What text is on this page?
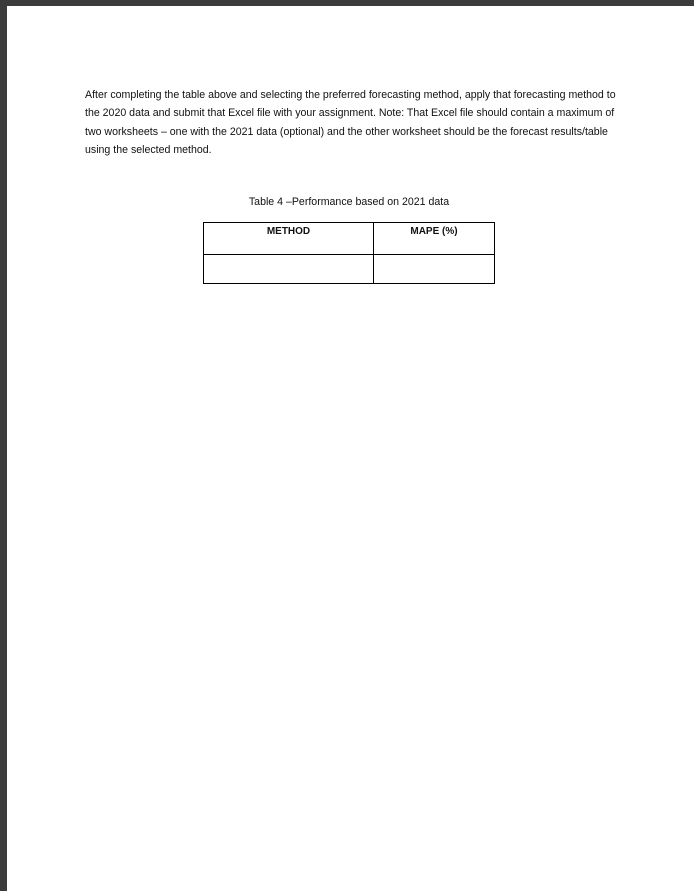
After completing the table above and selecting the preferred forecasting method, apply that forecasting method to the 2020 data and submit that Excel file with your assignment. Note: That Excel file should contain a maximum of two worksheets – one with the 2021 data (optional) and the other worksheet should be the forecast results/table using the selected method.

Table 4 –Performance based on 2021 data
METHOD	MAPE (%)
